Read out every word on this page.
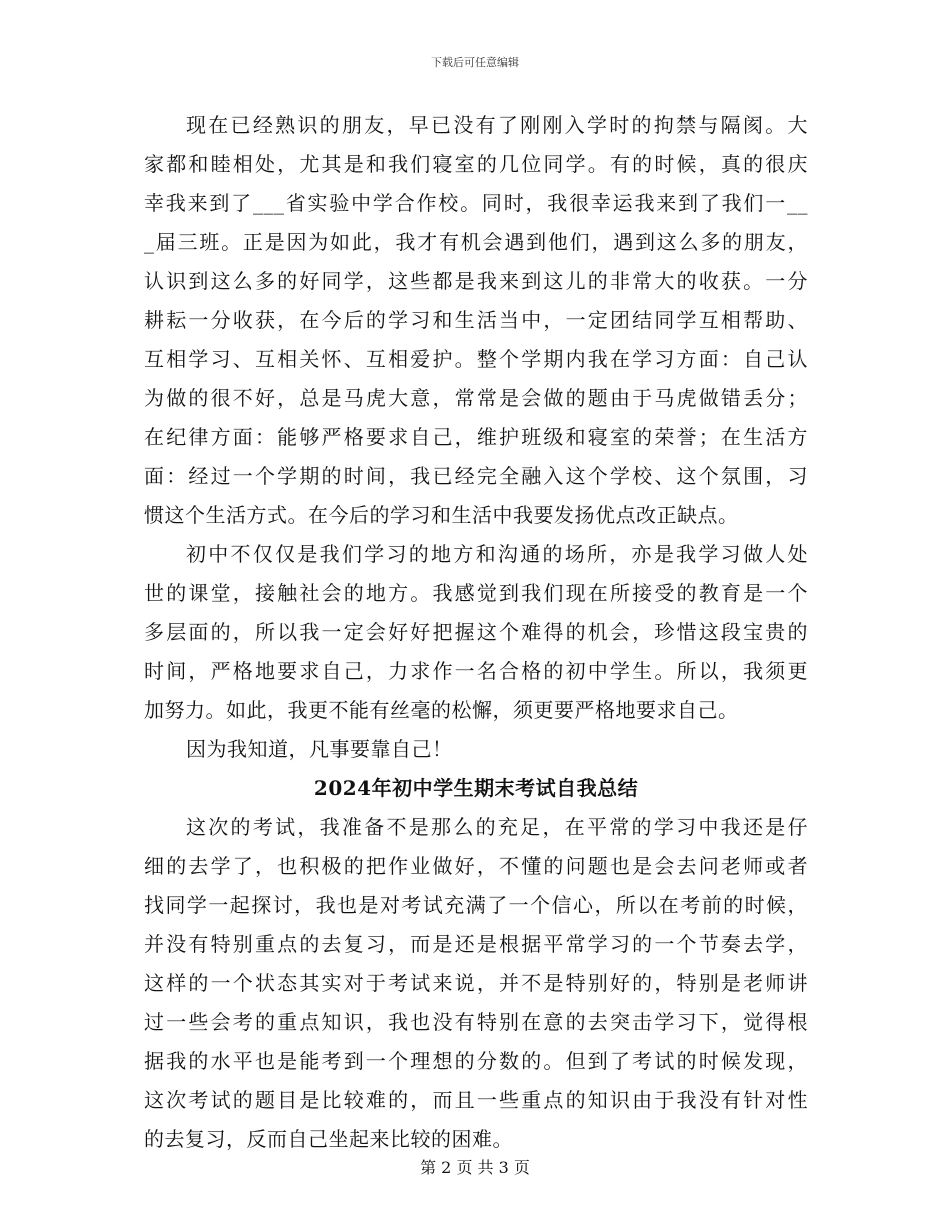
下载后可任意编辑
现在已经熟识的朋友，早已没有了刚刚入学时的拘禁与隔阂。大
家都和睦相处，尤其是和我们寝室的几位同学。有的时候，真的很庆
幸我来到了___省实验中学合作校。同时，我很幸运我来到了我们一__
_届三班。正是因为如此，我才有机会遇到他们，遇到这么多的朋友，
认识到这么多的好同学，这些都是我来到这儿的非常大的收获。一分
耕耘一分收获，在今后的学习和生活当中，一定团结同学互相帮助、
互相学习、互相关怀、互相爱护。整个学期内我在学习方面：自己认
为做的很不好，总是马虎大意，常常是会做的题由于马虎做错丢分；
在纪律方面：能够严格要求自己，维护班级和寝室的荣誉；在生活方
面：经过一个学期的时间，我已经完全融入这个学校、这个氛围，习
惯这个生活方式。在今后的学习和生活中我要发扬优点改正缺点。
初中不仅仅是我们学习的地方和沟通的场所，亦是我学习做人处
世的课堂，接触社会的地方。我感觉到我们现在所接受的教育是一个
多层面的，所以我一定会好好把握这个难得的机会，珍惜这段宝贵的
时间，严格地要求自己，力求作一名合格的初中学生。所以，我须更
加努力。如此，我更不能有丝毫的松懈，须更要严格地要求自己。
因为我知道，凡事要靠自己！
2024年初中学生期末考试自我总结
这次的考试，我准备不是那么的充足，在平常的学习中我还是仔
细的去学了，也积极的把作业做好，不懂的问题也是会去问老师或者
找同学一起探讨，我也是对考试充满了一个信心，所以在考前的时候，
并没有特别重点的去复习，而是还是根据平常学习的一个节奏去学，
这样的一个状态其实对于考试来说，并不是特别好的，特别是老师讲
过一些会考的重点知识，我也没有特别在意的去突击学习下，觉得根
据我的水平也是能考到一个理想的分数的。但到了考试的时候发现，
这次考试的题目是比较难的，而且一些重点的知识由于我没有针对性
的去复习，反而自己坐起来比较的困难。
第 2 页 共 3 页
